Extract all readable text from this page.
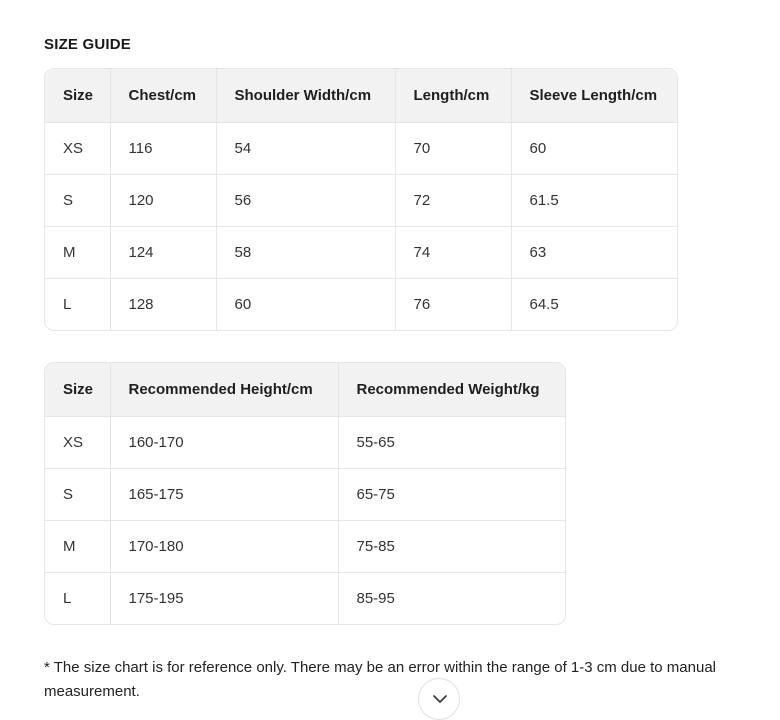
SIZE GUIDE
Size	Chest/cm	Shoulder Width/cm	Length/cm	Sleeve Length/cm
XS	116	54	70	60
S	120	56	72	61.5
M	124	58	74	63
L	128	60	76	64.5
Size	Recommended Height/cm	Recommended Weight/kg
XS	160-170	55-65
S	165-175	65-75
M	170-180	75-85
L	175-195	85-95
* The size chart is for reference only. There may be an error within the range of 1-3 cm due to manual measurement.
